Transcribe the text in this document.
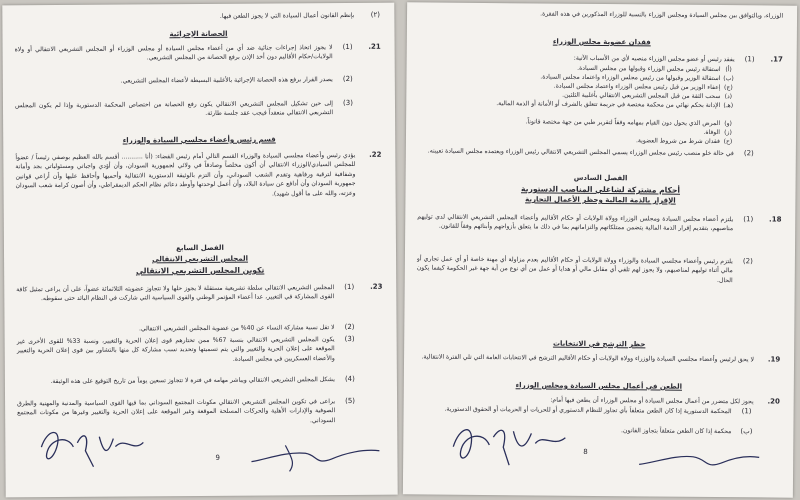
(٢)
بإنظم القانون أعمال السيادة التي لا يجوز الطعن فيها.
الحصانة الإجرائية
.21
(1)
لا يجوز اتخاذ إجراءات جنائية ضد أي من أعضاء مجلس السيادة أو مجلس الوزراء أو المجلس التشريعي الانتقالي أو ولاة الولايات/حكام الأقاليم دون أخذ الإذن برفع الحصانة من المجلس التشريعي.
(2)
يصدر القرار برفع هذه الحصانة الإجرائية بالأغلبية البسيطة لأعضاء المجلس التشريعي.
(3)
إلى حين تشكيل المجلس التشريعي الانتقالي يكون رفع الحصانة من اختصاص المحكمة الدستورية وإذا لم يكون المجلس التشريعي الانتقالي منعقداً فيجب عقد جلسة طارئة.
قسم رئيس وأعضاء مجلسي السيادة والوزراء
.22
يؤدي رئيس وأعضاء مجلسي السيادة والوزراء القسم التالي أمام رئيس القضاء: (أنا ........... أقسم بالله العظيم بوصفي رئيساً / عضواً للمجلس السيادي/الوزراء الانتقالي أن أكون مخلصاً وصادقاً في ولائي لجمهورية السودان، وأن أؤدي واجباتي ومسئولياتي بجد وأمانة وشفافية لترقية ورفاهية وتقدم الشعب السوداني، وأن التزم بالوثيقة الدستورية الانتقالية وأحميها وأحافظ عليها وأن أراعي قوانين جمهورية السودان وأن أدافع عن سيادة البلاد، وأن أعمل لوحدتها وأوطد دعائم نظام الحكم الديمقراطي، وأن أصون كرامة شعب السودان وعزته، والله على ما أقول شهيد).
الفصل السابع
المجلس التشريعي الانتقالي
تكوين المجلس التشريعي الانتقالي
.23
(1)
المجلس التشريعي الانتقالي سلطة تشريعية مستقلة لا يجوز حلها ولا تتجاوز عضويته الثلاثمائة عضواً، على أن يراعى تمثيل كافة القوى المشاركة في التغيير، عدا أعضاء المؤتمر الوطني والقوى السياسية التي شاركت في النظام البائد حتى سقوطه.
(2)
لا تقل نسبة مشاركة النساء عن 40% من عضوية المجلس التشريعي الانتقالي.
(3)
يكون المجلس التشريعي الانتقالي بنسبة 67% ممن تختارهم قوى إعلان الحرية والتغيير، ونسبة 33% للقوى الأخرى غير الموقعة على إعلان الحرية والتغيير والتي يتم تسميتها وتحديد نسب مشاركة كل منها بالتشاور بين قوى إعلان الحرية والتغيير والأعضاء العسكريين في مجلس السيادة.
(4)
يشكل المجلس التشريعي الانتقالي ويباشر مهامه في فترة لا تتجاوز تسعين يوماً من تاريخ التوقيع على هذه الوثيقة.
(5)
يراعى في تكوين المجلس التشريعي الانتقالي مكونات المجتمع السوداني بما فيها القوى السياسية والمدنية والمهنية والطرق الصوفية والإدارات الأهلية والحركات المسلحة الموقعة وغير الموقعة على إعلان الحرية والتغيير وغيرها من مكونات المجتمع السوداني.
9
الوزراء، وبالتوافق بين مجلس السيادة ومجلس الوزراء بالنسبة للوزراء المذكورين في هذه الفقرة.
فقدان عضوية مجلس الوزراء
.17
(1)
يفقد رئيس أو عضو مجلس الوزراء منصبه لأي من الأسباب الآتية:
(أ)استقالة رئيس مجلس الوزراء وقبولها من مجلس السيادة.
(ب)استقالة الوزير وقبولها من رئيس مجلس الوزراء واعتماد مجلس السيادة.
(ج)إعفاء الوزير من قبل رئيس مجلس الوزراء واعتماد مجلس السيادة.
(د)سحب الثقة من قبل المجلس التشريعي الانتقالي بأغلبية الثلثين.
(هـ)الإدانة بحكم نهائي من محكمة مختصة في جريمة تتعلق بالشرف أو الأمانة أو الذمة المالية.
(و)المرض الذي يحول دون القيام بمهامه وفقاً لتقرير طبي من جهة مختصة قانوناً.
(ز)الوفاة.
(ح)فقدان شرط من شروط العضوية.
(2)
في حالة خلو منصب رئيس مجلس الوزراء يسمي المجلس التشريعي الانتقالي رئيس الوزراء ويعتمده مجلس السيادة تعيينه.
الفصل السادس
أحكام مشتركة لشاغلي المناصب الدستورية
الإقرار بالذمة المالية وحظر الأعمال التجارية
.18
(1)
يلتزم أعضاء مجلس السيادة ومجلس الوزراء وولاة الولايات أو حكام الأقاليم وأعضاء المجلس التشريعي الانتقالي لدى توليهم مناصبهم، بتقديم إقرار الذمة المالية يتضمن ممتلكاتهم والتزاماتهم بما في ذلك ما يتعلق بأزواجهم وأبنائهم وفقاً للقانون.
(2)
يلتزم رئيس وأعضاء مجلسي السيادة والوزراء وولاة الولايات أو حكام الأقاليم بعدم مزاولة أي مهنة خاصة أو أي عمل تجاري أو مالي أثناء توليهم لمناصبهم، ولا يجوز لهم تلقي أي مقابل مالي أو هدايا أو عمل من أي نوع من أية جهة غير الحكومة كيفما يكون الحال.
حظر الترشح في الانتخابات
.19
لا يحق لرئيس وأعضاء مجلسي السيادة والوزراء وولاة الولايات أو حكام الأقاليم الترشح في الانتخابات العامة التي تلي الفترة الانتقالية.
الطعن في أعمال مجلس السيادة ومجلس الوزراء
.20
يجوز لكل متضرر من أعمال مجلس السيادة أو مجلس الوزراء أن يطعن فيها أمام:
(1)
المحكمة الدستورية إذا كان الطعن متعلقاً بأي تجاوز للنظام الدستوري أو للحريات أو الحرمات أو الحقوق الدستورية.
(ب)
محكمة إذا كان الطعن متعلقاً بتجاوز القانون.
8
